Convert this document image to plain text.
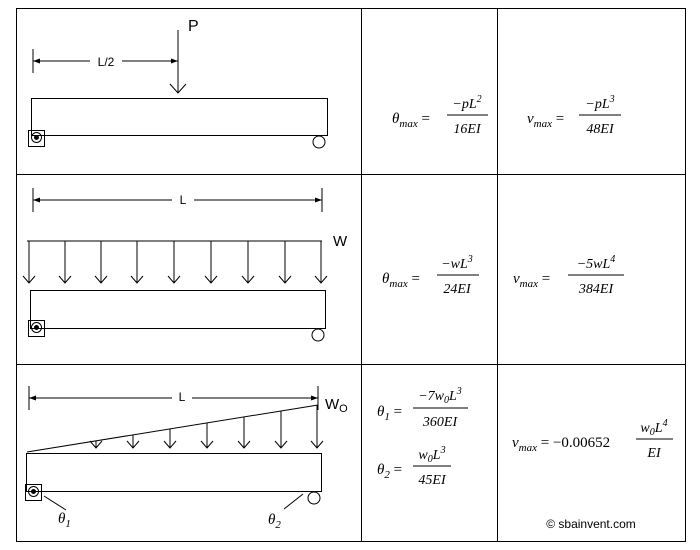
L/2
P
$\theta_{max}$ =
$-pL^2$
16EI
$v_{max}$ =
$-pL^3$
48EI
L
W
$\theta_{max}$ =
$-wL^3$
24EI
$v_{max}$ =
$-5wL^4$
384EI
L	$W_O$
$\theta_1$	$\theta_2$
$\theta_1$ =
$-7w_0L^3$
360EI
$\theta_2$ =
$w_0L^3$
45EI
$v_{max} = -0.00652$
$w_0L^4$
EI
© sbainvent.com
